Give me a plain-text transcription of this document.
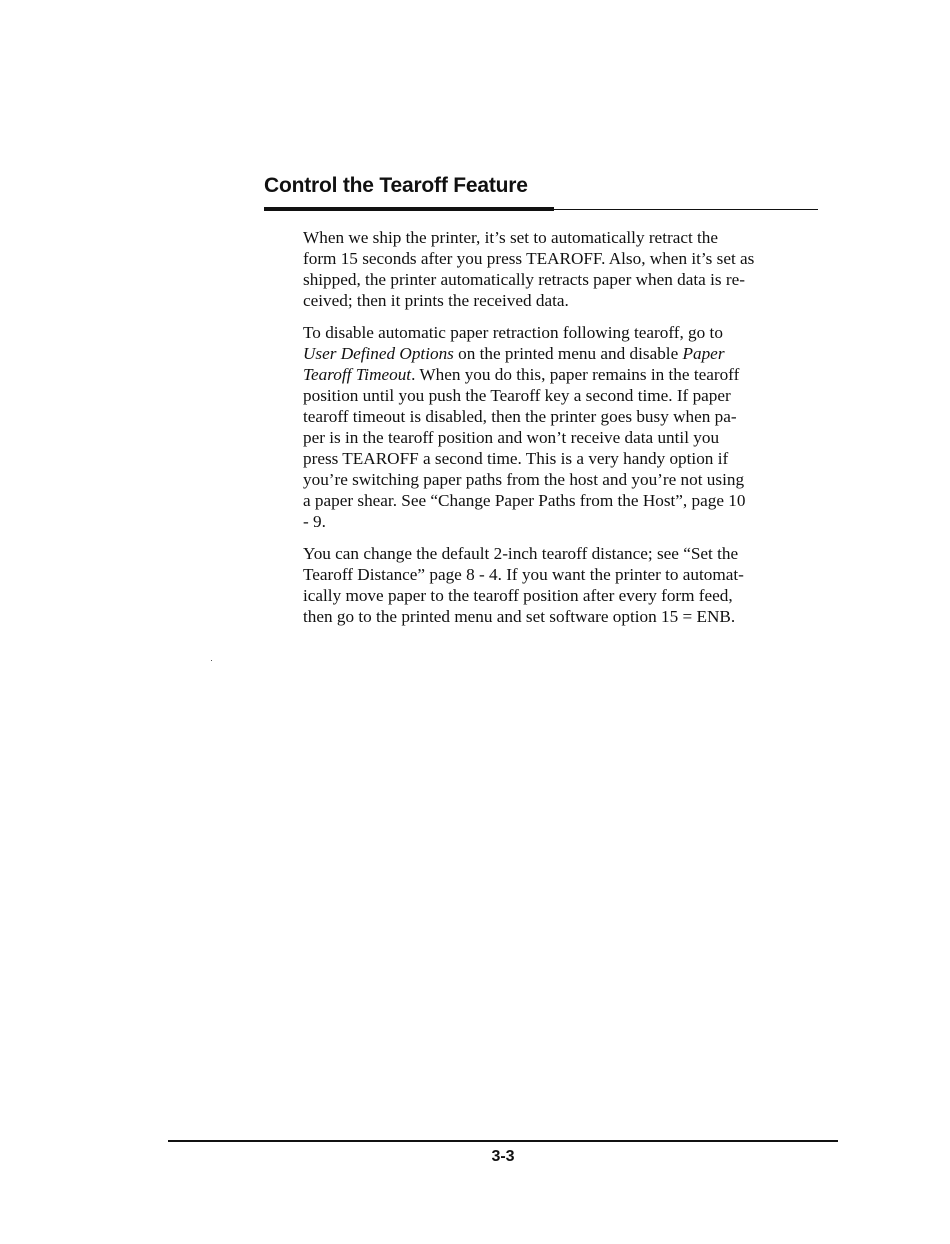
Control the Tearoff Feature

When we ship the printer, it’s set to automatically retract the
form 15 seconds after you press TEAROFF. Also, when it’s set as
shipped, the printer automatically retracts paper when data is re-
ceived; then it prints the received data.

To disable automatic paper retraction following tearoff, go to
User Defined Options on the printed menu and disable Paper
Tearoff Timeout. When you do this, paper remains in the tearoff
position until you push the Tearoff key a second time. If paper
tearoff timeout is disabled, then the printer goes busy when pa-
per is in the tearoff position and won’t receive data until you
press TEAROFF a second time. This is a very handy option if
you’re switching paper paths from the host and you’re not using
a paper shear. See “Change Paper Paths from the Host”, page 10
- 9.

You can change the default 2-inch tearoff distance; see “Set the
Tearoff Distance” page 8 - 4. If you want the printer to automat-
ically move paper to the tearoff position after every form feed,
then go to the printed menu and set software option 15 = ENB.

3-3
